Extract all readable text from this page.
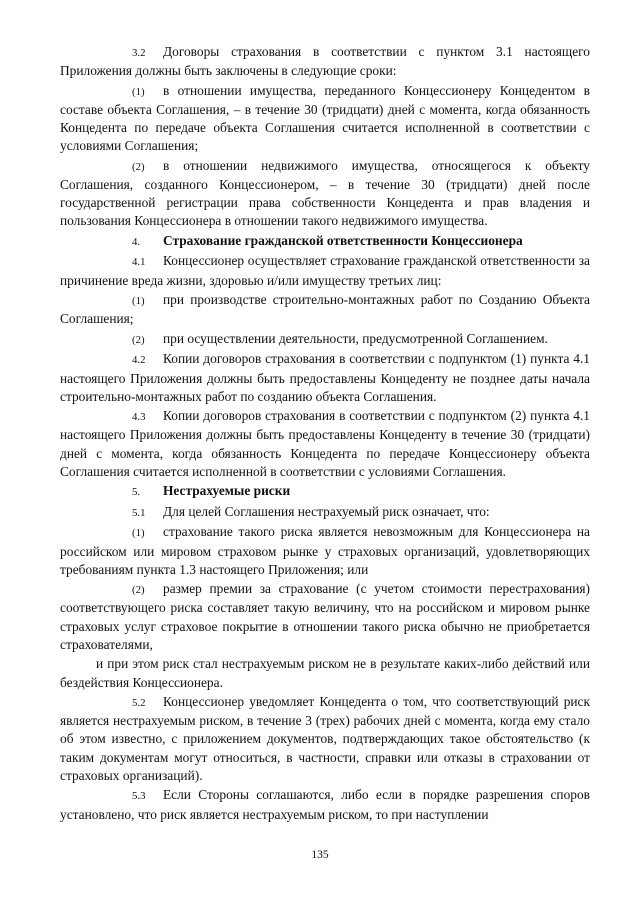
3.2 Договоры страхования в соответствии с пунктом 3.1 настоящего Приложения должны быть заключены в следующие сроки:
(1) в отношении имущества, переданного Концессионеру Концедентом в составе объекта Соглашения, – в течение 30 (тридцати) дней с момента, когда обязанность Концедента по передаче объекта Соглашения считается исполненной в соответствии с условиями Соглашения;
(2) в отношении недвижимого имущества, относящегося к объекту Соглашения, созданного Концессионером, – в течение 30 (тридцати) дней после государственной регистрации права собственности Концедента и прав владения и пользования Концессионера в отношении такого недвижимого имущества.
4. Страхование гражданской ответственности Концессионера
4.1 Концессионер осуществляет страхование гражданской ответственности за причинение вреда жизни, здоровью и/или имуществу третьих лиц:
(1) при производстве строительно-монтажных работ по Созданию Объекта Соглашения;
(2) при осуществлении деятельности, предусмотренной Соглашением.
4.2 Копии договоров страхования в соответствии с подпунктом (1) пункта 4.1 настоящего Приложения должны быть предоставлены Концеденту не позднее даты начала строительно-монтажных работ по созданию объекта Соглашения.
4.3 Копии договоров страхования в соответствии с подпунктом (2) пункта 4.1 настоящего Приложения должны быть предоставлены Концеденту в течение 30 (тридцати) дней с момента, когда обязанность Концедента по передаче Концессионеру объекта Соглашения считается исполненной в соответствии с условиями Соглашения.
5. Нестрахуемые риски
5.1 Для целей Соглашения нестрахуемый риск означает, что:
(1) страхование такого риска является невозможным для Концессионера на российском или мировом страховом рынке у страховых организаций, удовлетворяющих требованиям пункта 1.3 настоящего Приложения; или
(2) размер премии за страхование (с учетом стоимости перестрахования) соответствующего риска составляет такую величину, что на российском и мировом рынке страховых услуг страховое покрытие в отношении такого риска обычно не приобретается страхователями,
и при этом риск стал нестрахуемым риском не в результате каких-либо действий или бездействия Концессионера.
5.2 Концессионер уведомляет Концедента о том, что соответствующий риск является нестрахуемым риском, в течение 3 (трех) рабочих дней с момента, когда ему стало об этом известно, с приложением документов, подтверждающих такое обстоятельство (к таким документам могут относиться, в частности, справки или отказы в страховании от страховых организаций).
5.3 Если Стороны соглашаются, либо если в порядке разрешения споров установлено, что риск является нестрахуемым риском, то при наступлении
135
